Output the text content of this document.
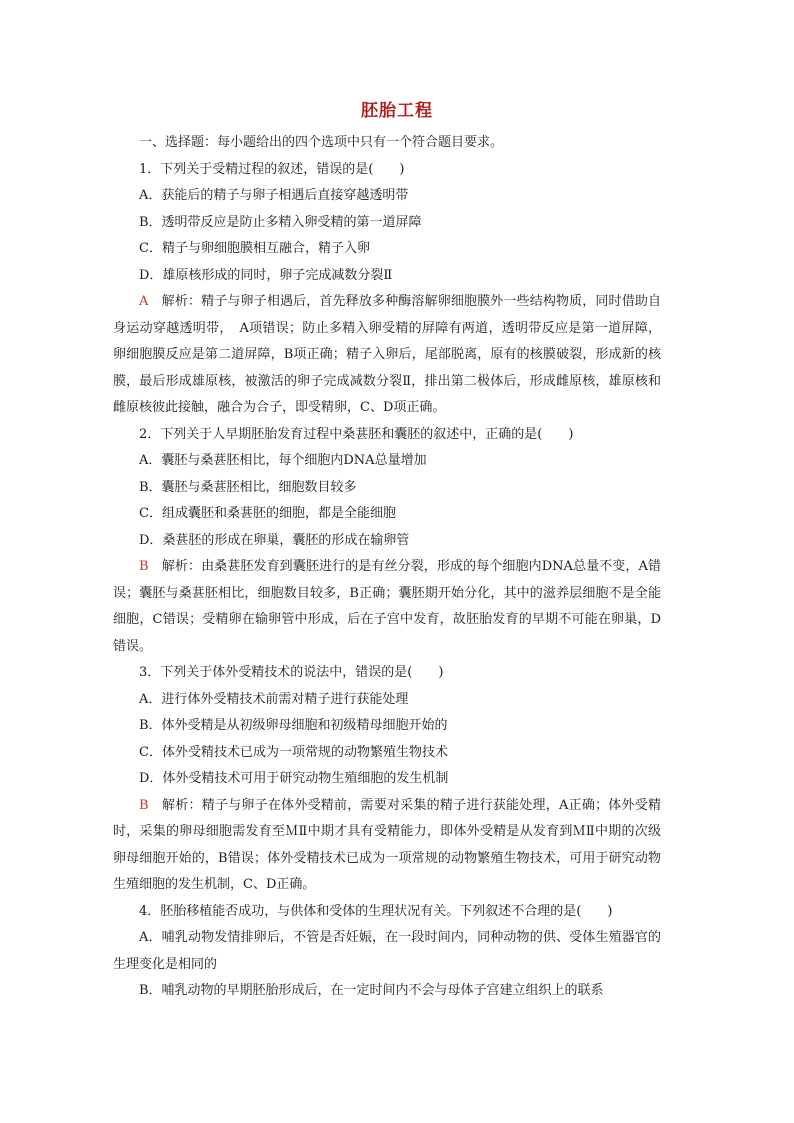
胚胎工程

一、选择题：每小题给出的四个选项中只有一个符合题目要求。

1．下列关于受精过程的叙述，错误的是(　　)

A．获能后的精子与卵子相遇后直接穿越透明带

B．透明带反应是防止多精入卵受精的第一道屏障

C．精子与卵细胞膜相互融合，精子入卵

D．雄原核形成的同时，卵子完成减数分裂Ⅱ

A　解析：精子与卵子相遇后，首先释放多种酶溶解卵细胞膜外一些结构物质，同时借助自身运动穿越透明带，　A项错误；防止多精入卵受精的屏障有两道，透明带反应是第一道屏障，卵细胞膜反应是第二道屏障，B项正确；精子入卵后，尾部脱离，原有的核膜破裂，形成新的核膜，最后形成雄原核，被激活的卵子完成减数分裂Ⅱ，排出第二极体后，形成雌原核，雄原核和雌原核彼此接触，融合为合子，即受精卵，C、D项正确。

2．下列关于人早期胚胎发育过程中桑葚胚和囊胚的叙述中，正确的是(　　)

A．囊胚与桑葚胚相比，每个细胞内DNA总量增加

B．囊胚与桑葚胚相比，细胞数目较多

C．组成囊胚和桑葚胚的细胞，都是全能细胞

D．桑葚胚的形成在卵巢，囊胚的形成在输卵管

B　解析：由桑葚胚发育到囊胚进行的是有丝分裂，形成的每个细胞内DNA总量不变，A错误；囊胚与桑葚胚相比，细胞数目较多，B正确；囊胚期开始分化，其中的滋养层细胞不是全能细胞，C错误；受精卵在输卵管中形成，后在子宫中发育，故胚胎发育的早期不可能在卵巢，D错误。

3．下列关于体外受精技术的说法中，错误的是(　　)

A．进行体外受精技术前需对精子进行获能处理

B．体外受精是从初级卵母细胞和初级精母细胞开始的

C．体外受精技术已成为一项常规的动物繁殖生物技术

D．体外受精技术可用于研究动物生殖细胞的发生机制

B　解析：精子与卵子在体外受精前，需要对采集的精子进行获能处理，A正确；体外受精时，采集的卵母细胞需发育至ＭⅡ中期才具有受精能力，即体外受精是从发育到ＭⅡ中期的次级卵母细胞开始的，B错误；体外受精技术已成为一项常规的动物繁殖生物技术，可用于研究动物生殖细胞的发生机制，C、D正确。

4．胚胎移植能否成功，与供体和受体的生理状况有关。下列叙述不合理的是(　　)

A．哺乳动物发情排卵后，不管是否妊娠，在一段时间内，同种动物的供、受体生殖器官的生理变化是相同的

B．哺乳动物的早期胚胎形成后，在一定时间内不会与母体子宫建立组织上的联系
